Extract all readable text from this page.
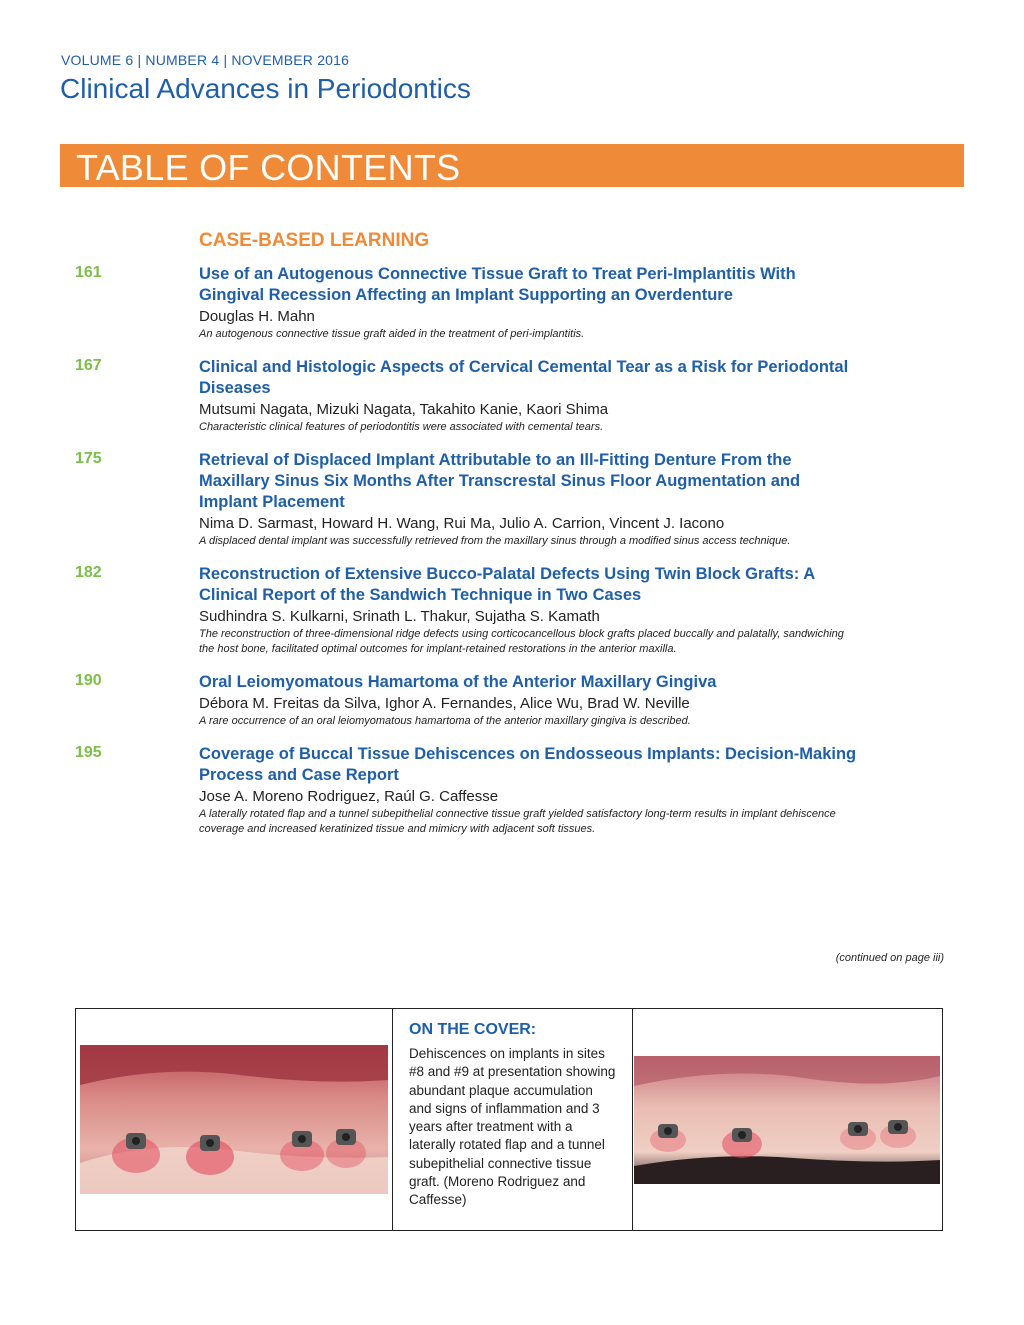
VOLUME 6 | NUMBER 4 | NOVEMBER 2016
Clinical Advances in Periodontics
TABLE OF CONTENTS
CASE-BASED LEARNING
161	Use of an Autogenous Connective Tissue Graft to Treat Peri-Implantitis With Gingival Recession Affecting an Implant Supporting an Overdenture
Douglas H. Mahn
An autogenous connective tissue graft aided in the treatment of peri-implantitis.
167	Clinical and Histologic Aspects of Cervical Cemental Tear as a Risk for Periodontal Diseases
Mutsumi Nagata, Mizuki Nagata, Takahito Kanie, Kaori Shima
Characteristic clinical features of periodontitis were associated with cemental tears.
175	Retrieval of Displaced Implant Attributable to an Ill-Fitting Denture From the Maxillary Sinus Six Months After Transcrestal Sinus Floor Augmentation and Implant Placement
Nima D. Sarmast, Howard H. Wang, Rui Ma, Julio A. Carrion, Vincent J. Iacono
A displaced dental implant was successfully retrieved from the maxillary sinus through a modified sinus access technique.
182	Reconstruction of Extensive Bucco-Palatal Defects Using Twin Block Grafts: A Clinical Report of the Sandwich Technique in Two Cases
Sudhindra S. Kulkarni, Srinath L. Thakur, Sujatha S. Kamath
The reconstruction of three-dimensional ridge defects using corticocancellous block grafts placed buccally and palatally, sandwiching the host bone, facilitated optimal outcomes for implant-retained restorations in the anterior maxilla.
190	Oral Leiomyomatous Hamartoma of the Anterior Maxillary Gingiva
Débora M. Freitas da Silva, Ighor A. Fernandes, Alice Wu, Brad W. Neville
A rare occurrence of an oral leiomyomatous hamartoma of the anterior maxillary gingiva is described.
195	Coverage of Buccal Tissue Dehiscences on Endosseous Implants: Decision-Making Process and Case Report
Jose A. Moreno Rodriguez, Raúl G. Caffesse
A laterally rotated flap and a tunnel subepithelial connective tissue graft yielded satisfactory long-term results in implant dehiscence coverage and increased keratinized tissue and mimicry with adjacent soft tissues.
(continued on page iii)
ON THE COVER:
Dehiscences on implants in sites #8 and #9 at presentation showing abundant plaque accumulation and signs of inflammation and 3 years after treatment with a laterally rotated flap and a tunnel subepithelial connective tissue graft. (Moreno Rodriguez and Caffesse)
